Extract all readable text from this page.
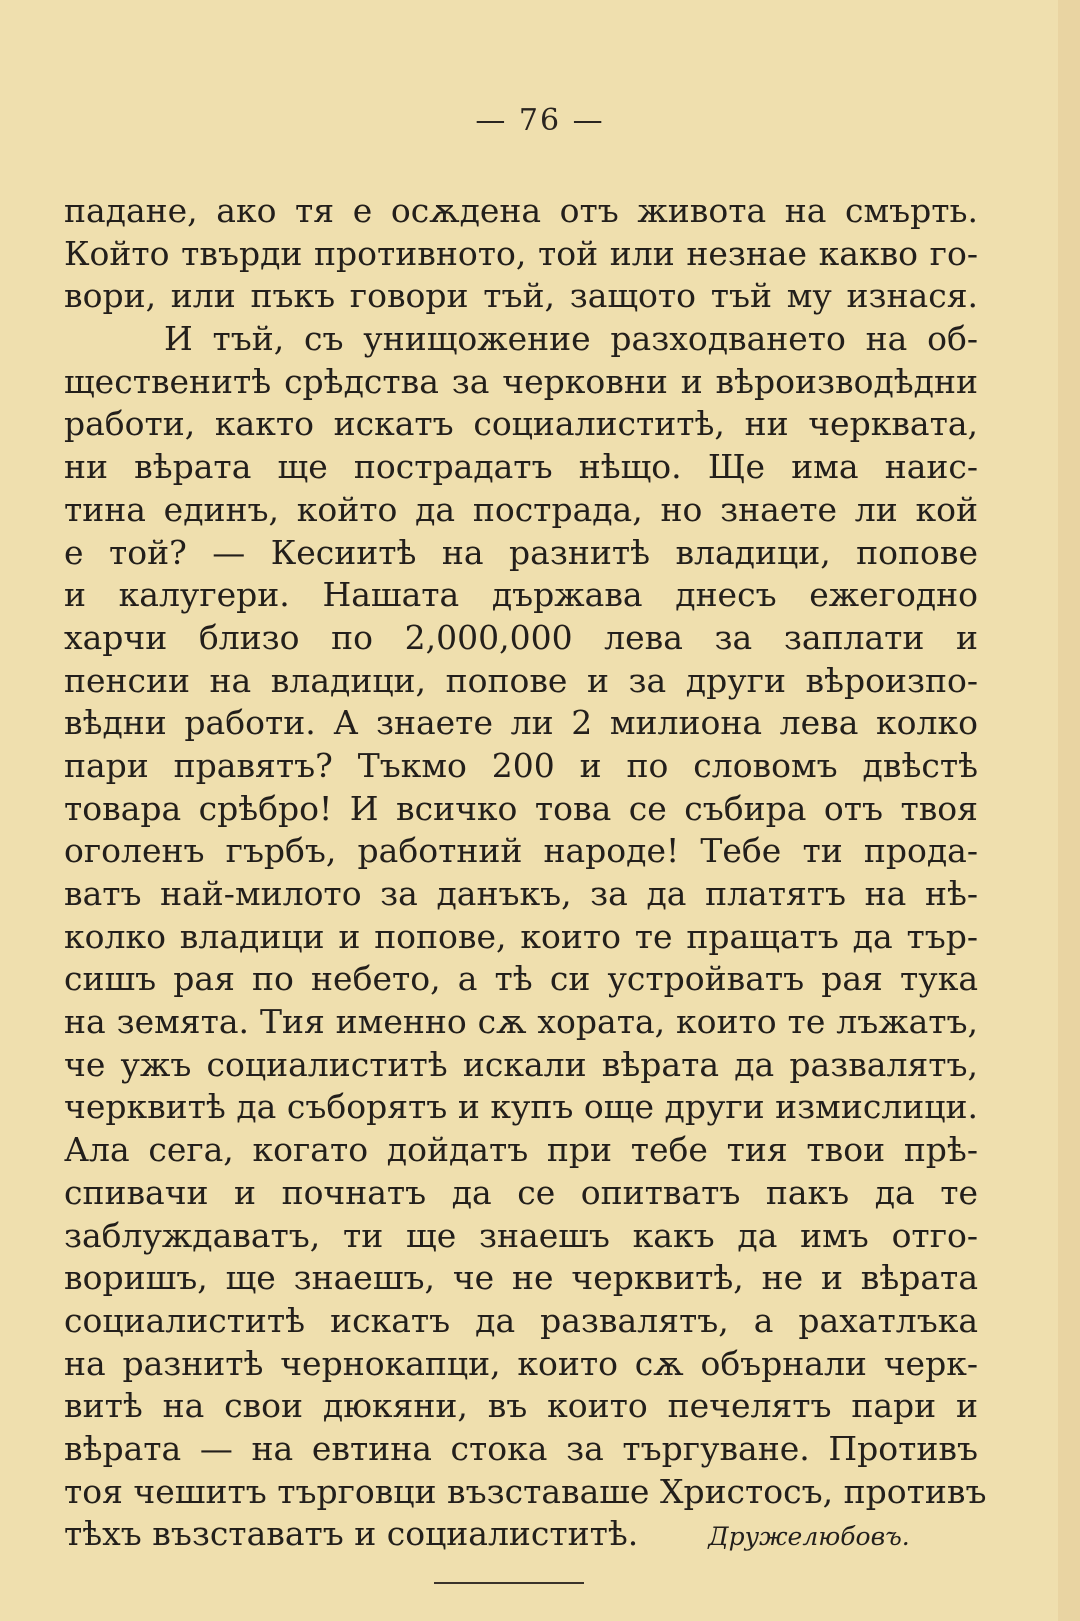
— 76 —
падане, ако тя е осѫдена отъ живота на смърть.
Който твърди противното, той или незнае какво го-
вори, или пъкъ говори тъй, защото тъй му изнася.
И тъй, съ унищожение разходването на об-
щественитѣ срѣдства за черковни и вѣроизводѣдни
работи, както искатъ социалиститѣ, ни черквата,
ни вѣрата ще пострадатъ нѣщо. Ще има наис-
тина единъ, който да пострада, но знаете ли кой
е той? — Кесиитѣ на разнитѣ владици, попове
и калугери. Нашата държава днесъ ежегодно
харчи близо по 2,000,000 лева за заплати и
пенсии на владици, попове и за други вѣроизпо-
вѣдни работи. А знаете ли 2 милиона лева колко
пари правятъ? Тъкмо 200 и по словомъ двѣстѣ
товара срѣбро! И всичко това се събира отъ твоя
оголенъ гърбъ, работний народе! Тебе ти прода-
ватъ най-милото за данъкъ, за да платятъ на нѣ-
колко владици и попове, които те пращатъ да тър-
сишъ рая по небето, а тѣ си устройватъ рая тука
на земята. Тия именно сѫ хората, които те лъжатъ,
че ужъ социалиститѣ искали вѣрата да развалятъ,
черквитѣ да съборятъ и купъ още други измислици.
Ала сега, когато дойдатъ при тебе тия твои прѣ-
спивачи и почнатъ да се опитватъ пакъ да те
заблуждаватъ, ти ще знаешъ какъ да имъ отго-
воришъ, ще знаешъ, че не черквитѣ, не и вѣрата
социалиститѣ искатъ да развалятъ, а рахатлъка
на разнитѣ чернокапци, които сѫ обърнали черк-
витѣ на свои дюкяни, въ които печелятъ пари и
вѣрата — на евтина стока за търгуване. Противъ
тоя чешитъ търговци възставаше Христосъ, противъ
тѣхъ възставатъ и социалиститѣ.	Дружелюбовъ.
